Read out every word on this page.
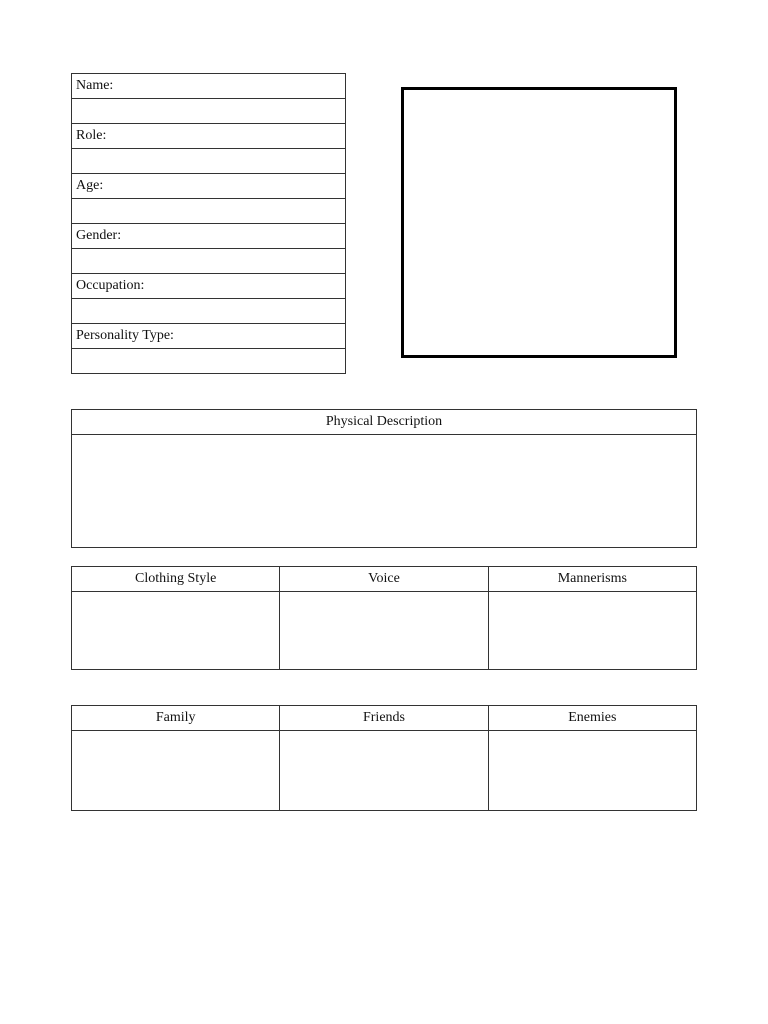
Name:

Role:

Age:

Gender:

Occupation:

Personality Type:

Physical Description

Clothing Style	Voice	Mannerisms

Family	Friends	Enemies
